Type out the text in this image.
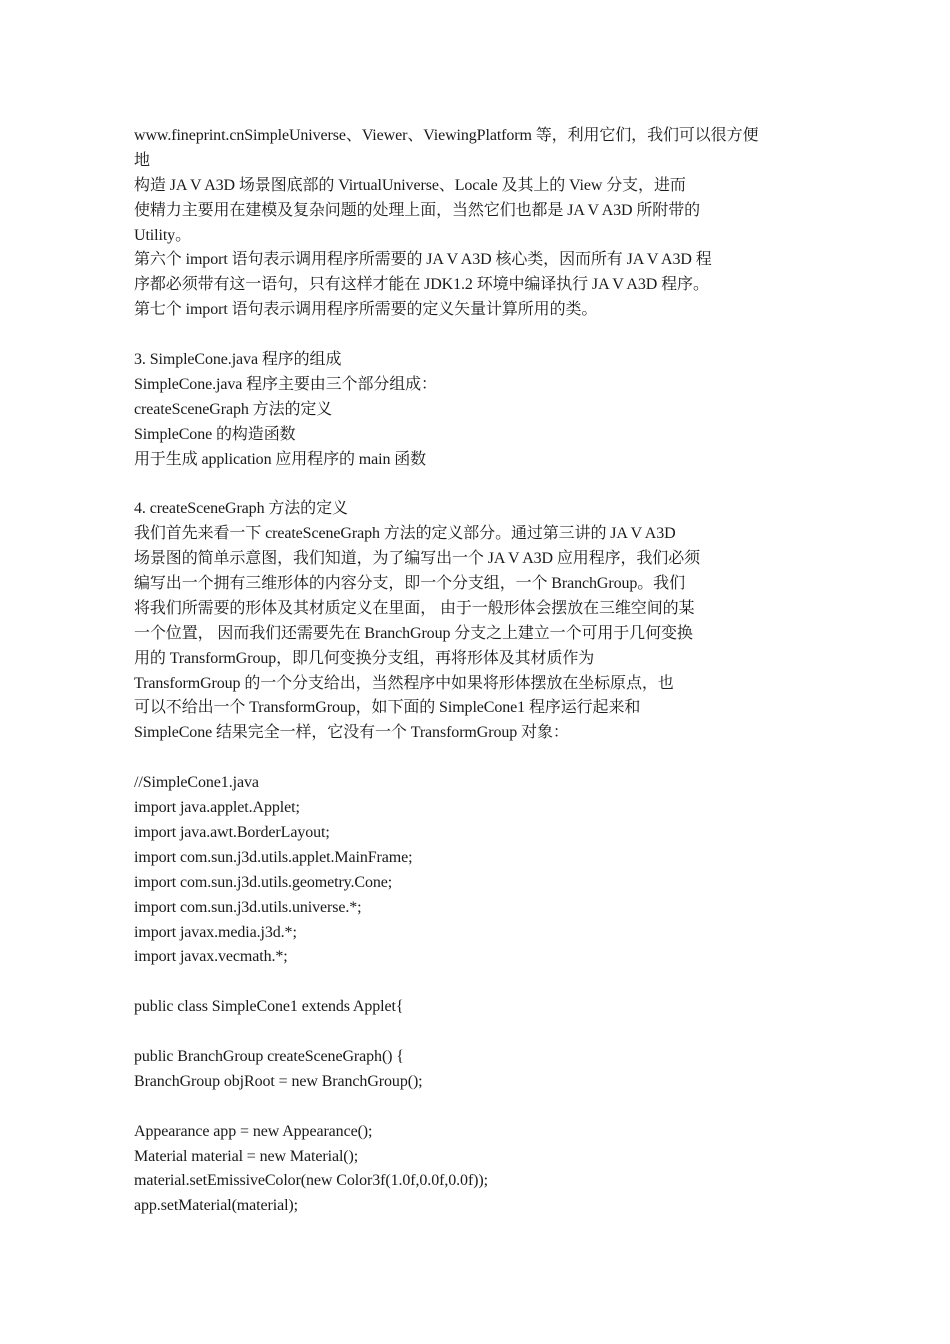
www.fineprint.cnSimpleUniverse、Viewer、ViewingPlatform 等，利用它们，我们可以很方便
地
构造 JA V A3D 场景图底部的 VirtualUniverse、Locale 及其上的 View 分支，进而
使精力主要用在建模及复杂问题的处理上面，当然它们也都是 JA V A3D 所附带的
Utility。
第六个 import 语句表示调用程序所需要的 JA V A3D 核心类，因而所有 JA V A3D 程
序都必须带有这一语句，只有这样才能在 JDK1.2 环境中编译执行 JA V A3D 程序。
第七个 import 语句表示调用程序所需要的定义矢量计算所用的类。
3. SimpleCone.java 程序的组成
SimpleCone.java 程序主要由三个部分组成：
createSceneGraph 方法的定义
SimpleCone 的构造函数
用于生成 application 应用程序的 main 函数
4. createSceneGraph 方法的定义
我们首先来看一下 createSceneGraph 方法的定义部分。通过第三讲的 JA V A3D
场景图的简单示意图，我们知道，为了编写出一个 JA V A3D 应用程序，我们必须
编写出一个拥有三维形体的内容分支，即一个分支组，一个 BranchGroup。我们
将我们所需要的形体及其材质定义在里面， 由于一般形体会摆放在三维空间的某
一个位置， 因而我们还需要先在 BranchGroup 分支之上建立一个可用于几何变换
用的 TransformGroup，即几何变换分支组，再将形体及其材质作为
TransformGroup 的一个分支给出，当然程序中如果将形体摆放在坐标原点，也
可以不给出一个 TransformGroup，如下面的 SimpleCone1 程序运行起来和
SimpleCone 结果完全一样，它没有一个 TransformGroup 对象：
//SimpleCone1.java
import java.applet.Applet;
import java.awt.BorderLayout;
import com.sun.j3d.utils.applet.MainFrame;
import com.sun.j3d.utils.geometry.Cone;
import com.sun.j3d.utils.universe.*;
import javax.media.j3d.*;
import javax.vecmath.*;
public class SimpleCone1 extends Applet{
public BranchGroup createSceneGraph() {
BranchGroup objRoot = new BranchGroup();
Appearance app = new Appearance();
Material material = new Material();
material.setEmissiveColor(new Color3f(1.0f,0.0f,0.0f));
app.setMaterial(material);
